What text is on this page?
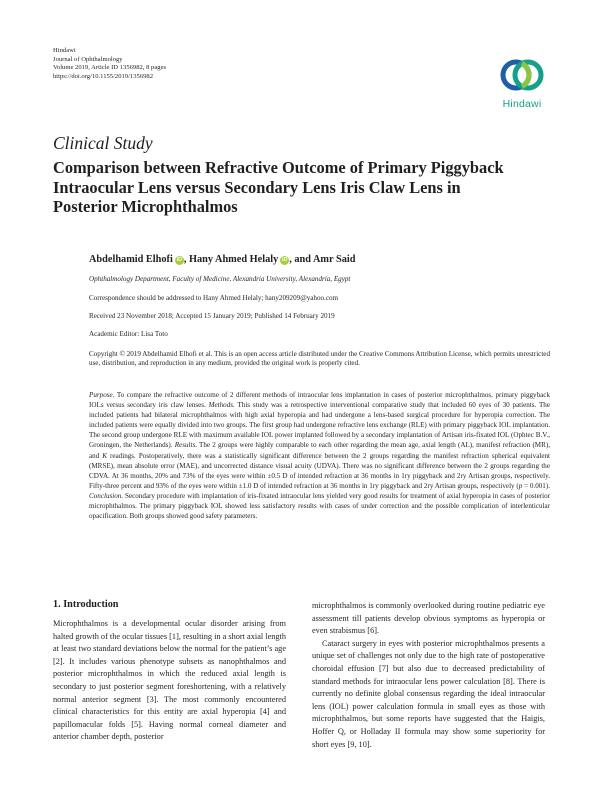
Hindawi
Journal of Ophthalmology
Volume 2019, Article ID 1356982, 8 pages
https://doi.org/10.1155/2019/1356982
Hindawi
Clinical Study
Comparison between Refractive Outcome of Primary Piggyback
Intraocular Lens versus Secondary Lens Iris Claw Lens in
Posterior Microphthalmos
Abdelhamid Elhofi iD , Hany Ahmed Helaly iD , and Amr Said
Ophthalmology Department, Faculty of Medicine, Alexandria University, Alexandria, Egypt
Correspondence should be addressed to Hany Ahmed Helaly; hany209209@yahoo.com
Received 23 November 2018; Accepted 15 January 2019; Published 14 February 2019
Academic Editor: Lisa Toto
Copyright © 2019 Abdelhamid Elhofi et al. This is an open access article distributed under the Creative Commons Attribution License, which permits unrestricted use, distribution, and reproduction in any medium, provided the original work is properly cited.
Purpose. To compare the refractive outcome of 2 different methods of intraocular lens implantation in cases of posterior microphthalmos, primary piggyback IOLs versus secondary iris claw lenses. Methods. This study was a retrospective interventional comparative study that included 60 eyes of 30 patients. The included patients had bilateral microphthalmos with high axial hyperopia and had undergone a lens-based surgical procedure for hyperopia correction. The included patients were equally divided into two groups. The first group had undergone refractive lens exchange (RLE) with primary piggyback IOL implantation. The second group undergone RLE with maximum available IOL power implanted followed by a secondary implantation of Artisan iris-fixated IOL (Ophtec B.V., Groningen, the Netherlands). Results. The 2 groups were highly comparable to each other regarding the mean age, axial length (AL), manifest refraction (MR), and K readings. Postoperatively, there was a statistically significant difference between the 2 groups regarding the manifest refraction spherical equivalent (MRSE), mean absolute error (MAE), and uncorrected distance visual acuity (UDVA). There was no significant difference between the 2 groups regarding the CDVA. At 36 months, 20% and 73% of the eyes were within ±0.5 D of intended refraction at 36 months in 1ry piggyback and 2ry Artisan groups, respectively. Fifty-three percent and 93% of the eyes were within ±1.0 D of intended refraction at 36 months in 1ry piggyback and 2ry Artisan groups, respectively (p = 0.001). Conclusion. Secondary procedure with implantation of iris-fixated intraocular lens yielded very good results for treatment of axial hyperopia in cases of posterior microphthalmos. The primary piggyback IOL showed less satisfactory results with cases of under correction and the possible complication of interlenticular opacification. Both groups showed good safety parameters.
1. Introduction

Microphthalmos is a developmental ocular disorder arising from halted growth of the ocular tissues [1], resulting in a short axial length at least two standard deviations below the normal for the patient’s age [2]. It includes various phenotype subsets as nanophthalmos and posterior microphthalmos in which the reduced axial length is secondary to just posterior segment foreshortening, with a relatively normal anterior segment [3]. The most commonly encountered clinical characteristics for this entity are axial hyperopia [4] and papillomacular folds [5]. Having normal corneal diameter and anterior chamber depth, posterior

microphthalmos is commonly overlooked during routine pediatric eye assessment till patients develop obvious symptoms as hyperopia or even strabismus [6].

Cataract surgery in eyes with posterior microphthalmos presents a unique set of challenges not only due to the high rate of postoperative choroidal effusion [7] but also due to decreased predictability of standard methods for intraocular lens power calculation [8]. There is currently no definite global consensus regarding the ideal intraocular lens (IOL) power calculation formula in small eyes as those with microphthalmos, but some reports have suggested that the Haigis, Hoffer Q, or Holladay II formula may show some superiority for short eyes [9, 10].
